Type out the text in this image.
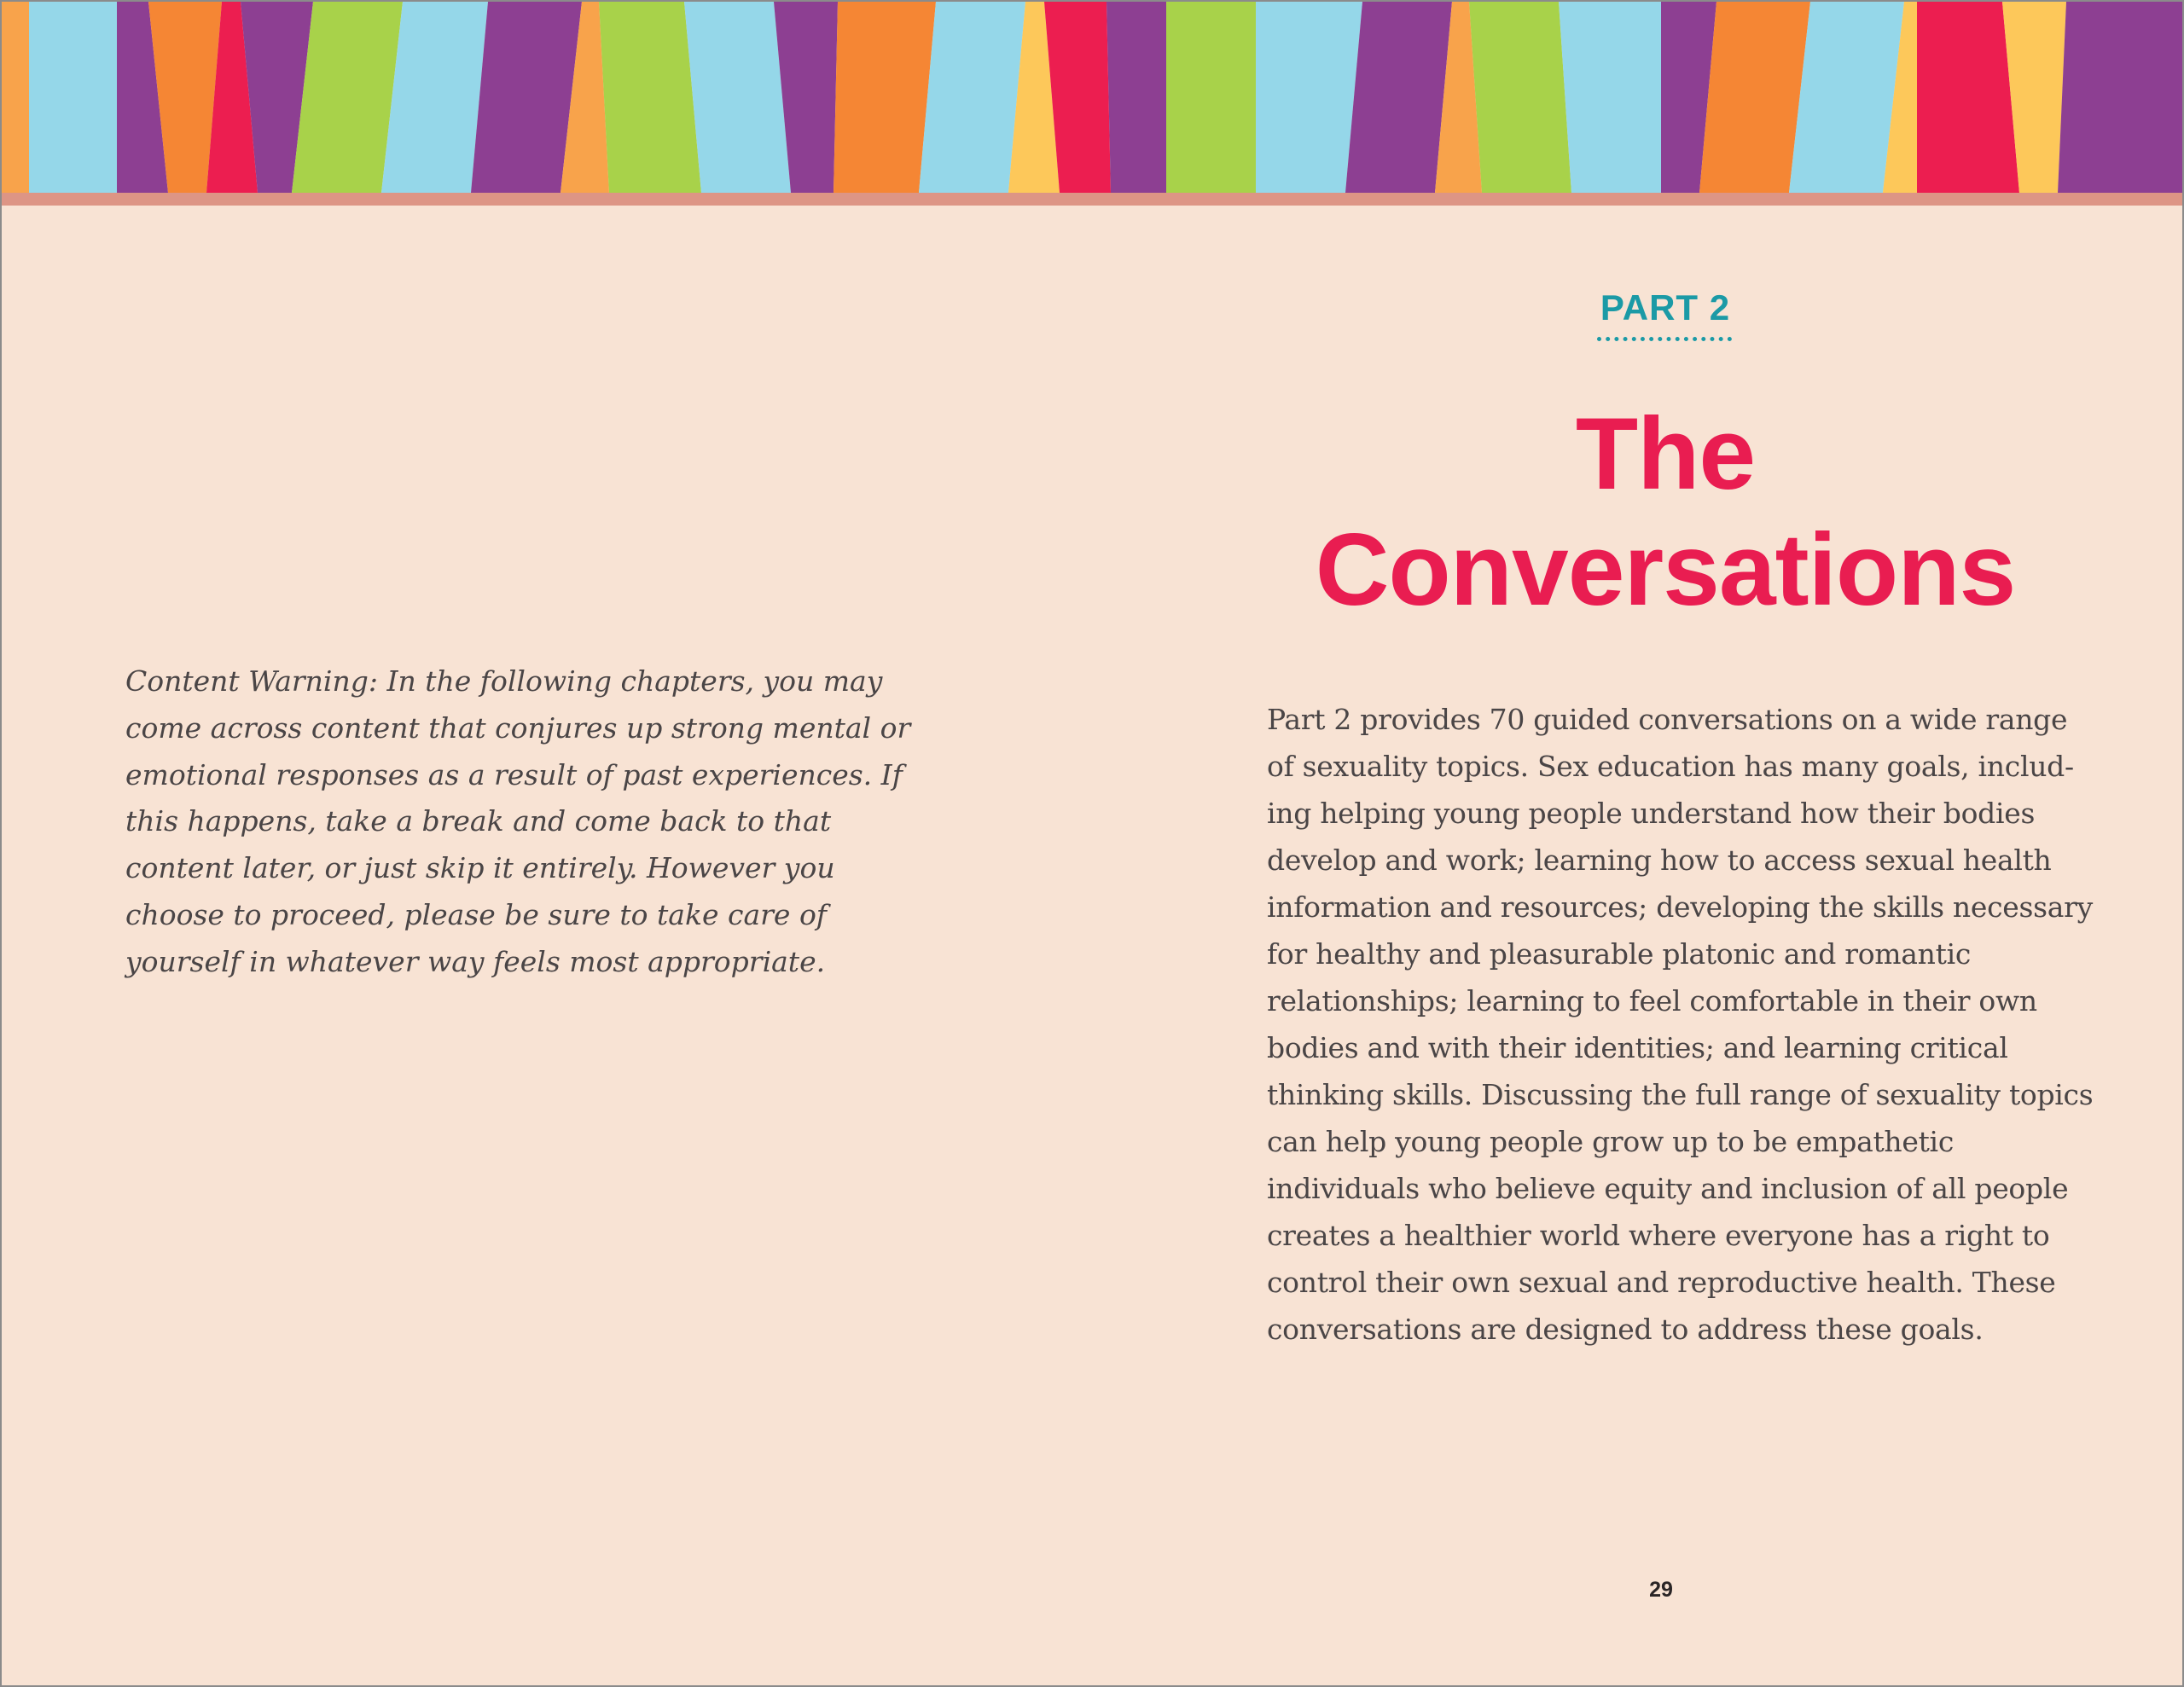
Content Warning: In the following chapters, you may come across content that conjures up strong mental or emotional responses as a result of past experiences. If this happens, take a break and come back to that content later, or just skip it entirely. However you choose to proceed, please be sure to take care of yourself in whatever way feels most appropriate.

PART 2
The
Conversations

Part 2 provides 70 guided conversations on a wide range of sexuality topics. Sex education has many goals, including helping young people understand how their bodies develop and work; learning how to access sexual health information and resources; developing the skills necessary for healthy and pleasurable platonic and romantic relationships; learning to feel comfortable in their own bodies and with their identities; and learning critical thinking skills. Discussing the full range of sexuality topics can help young people grow up to be empathetic individuals who believe equity and inclusion of all people creates a healthier world where everyone has a right to control their own sexual and reproductive health. These conversations are designed to address these goals.

29
